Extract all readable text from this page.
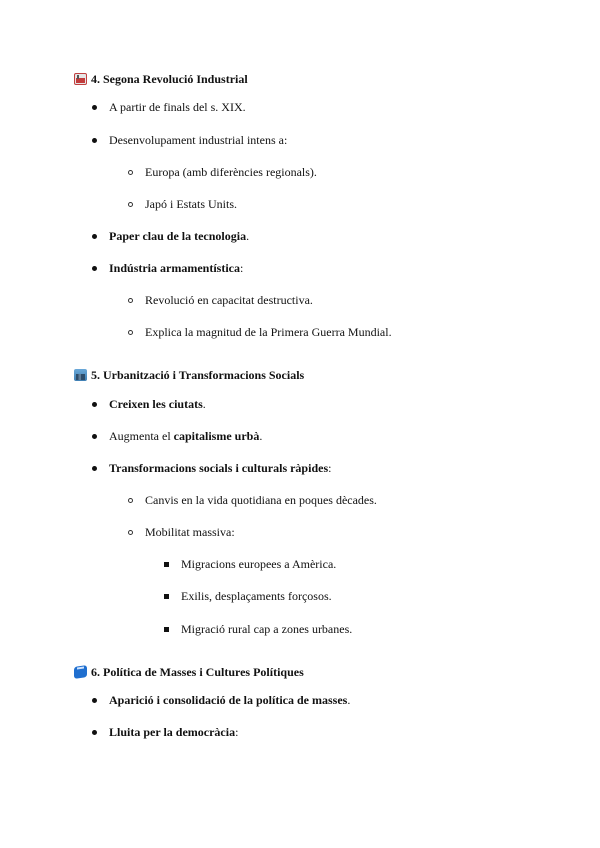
4. Segona Revolució Industrial
A partir de finals del s. XIX.
Desenvolupament industrial intens a:
Europa (amb diferències regionals).
Japó i Estats Units.
Paper clau de la tecnologia.
Indústria armamentística:
Revolució en capacitat destructiva.
Explica la magnitud de la Primera Guerra Mundial.
5. Urbanització i Transformacions Socials
Creixen les ciutats.
Augmenta el capitalisme urbà.
Transformacions socials i culturals ràpides:
Canvis en la vida quotidiana en poques dècades.
Mobilitat massiva:
Migracions europees a Amèrica.
Exilis, desplaçaments forçosos.
Migració rural cap a zones urbanes.
6. Política de Masses i Cultures Polítiques
Aparició i consolidació de la política de masses.
Lluita per la democràcia:
